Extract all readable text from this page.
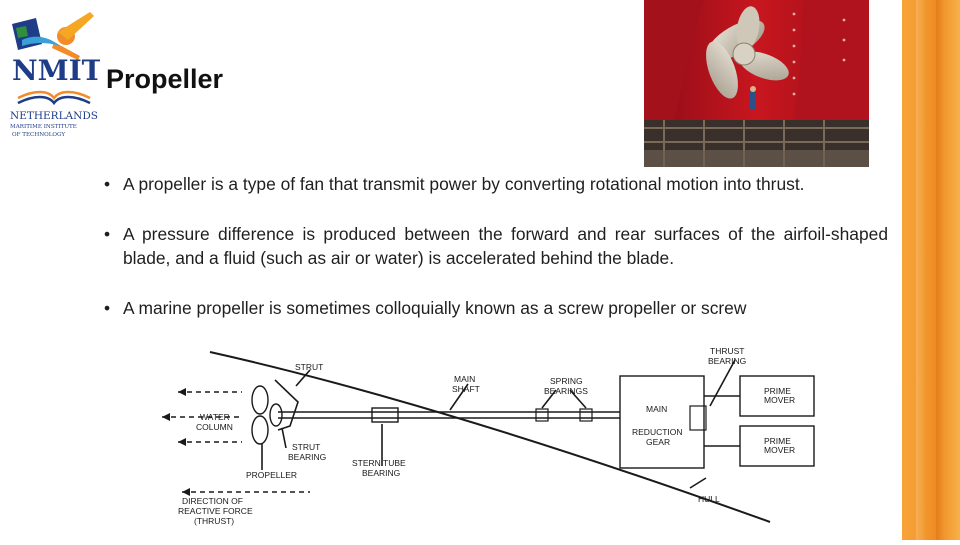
NMIT
NETHERLANDS
MARITIME INSTITUTE
OF TECHNOLOGY
Propeller
• A propeller is a type of fan that transmit power by converting rotational motion into thrust.
• A pressure difference is produced between the forward and rear surfaces of the airfoil-shaped blade, and a fluid (such as air or water) is accelerated behind the blade.
• A marine propeller is sometimes colloquially known as a screw propeller or screw
STRUT
MAIN
SHAFT
SPRING
BEARINGS
THRUST
BEARING
PRIME
MOVER
PRIME
MOVER
MAIN
REDUCTION
GEAR
WATER
COLUMN
STRUT
BEARING
STERN TUBE
BEARING
PROPELLER
HULL
DIRECTION OF
REACTIVE FORCE
(THRUST)
